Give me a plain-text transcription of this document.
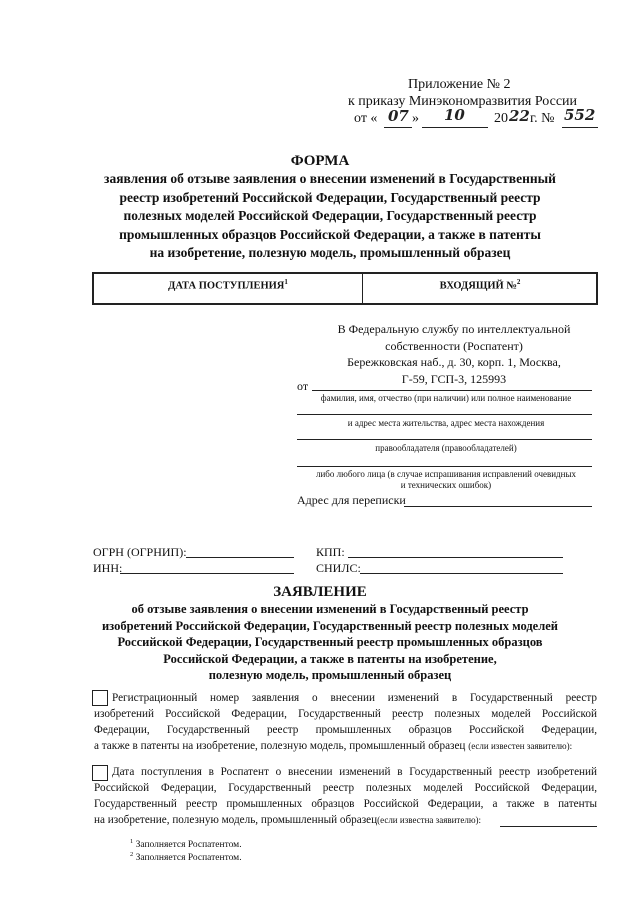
Приложение № 2
к приказу Минэкономразвития России
от « 07 » 10 20 22 г. № 552
ФОРМА
заявления об отзыве заявления о внесении изменений в Государственный
реестр изобретений Российской Федерации, Государственный реестр
полезных моделей Российской Федерации, Государственный реестр
промышленных образцов Российской Федерации, а также в патенты
на изобретение, полезную модель, промышленный образец
ДАТА ПОСТУПЛЕНИЯ$^1$	ВХОДЯЩИЙ №$^2$
В Федеральную службу по интеллектуальной
собственности (Роспатент)
Бережковская наб., д. 30, корп. 1, Москва,
Г-59, ГСП-3, 125993
от
фамилия, имя, отчество (при наличии) или полное наименование
и адрес места жительства, адрес места нахождения
правообладателя (правообладателей)
либо любого лица (в случае испрашивания исправлений очевидных
и технических ошибок)
Адрес для переписки
ОГРН (ОГРНИП):
ИНН:
КПП:
СНИЛС:
ЗАЯВЛЕНИЕ
об отзыве заявления о внесении изменений в Государственный реестр
изобретений Российской Федерации, Государственный реестр полезных моделей
Российской Федерации, Государственный реестр промышленных образцов
Российской Федерации, а также в патенты на изобретение,
полезную модель, промышленный образец
Регистрационный номер заявления о внесении изменений в Государственный реестр
изобретений Российской Федерации, Государственный реестр полезных моделей Российской
Федерации, Государственный реестр промышленных образцов Российской Федерации,
а также в патенты на изобретение, полезную модель, промышленный образец (если известен заявителю):
Дата поступления в Роспатент о внесении изменений в Государственный реестр изобретений
Российской Федерации, Государственный реестр полезных моделей Российской Федерации,
Государственный реестр промышленных образцов Российской Федерации, а также в патенты
на изобретение, полезную модель, промышленный образец(если известна заявителю):
$^1$ Заполняется Роспатентом.
$^2$ Заполняется Роспатентом.
